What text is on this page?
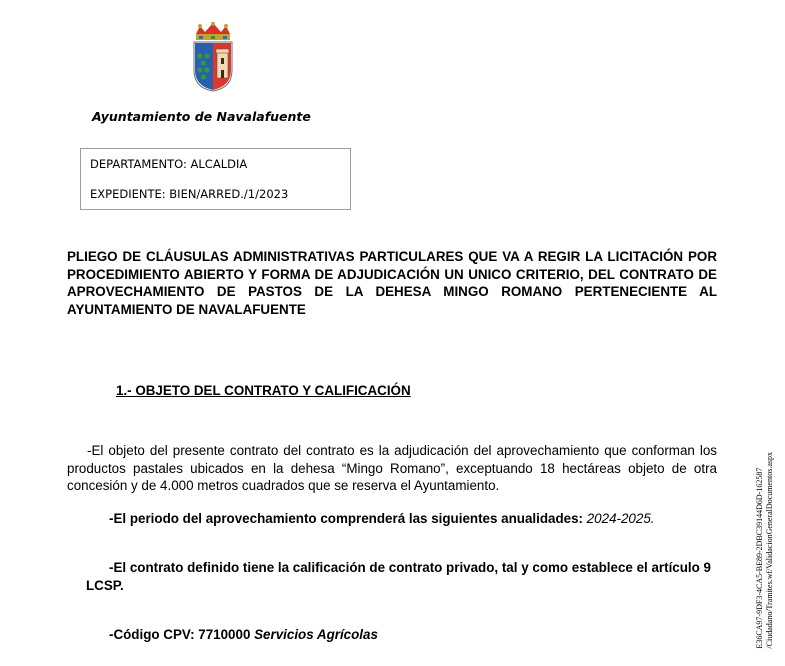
Ayuntamiento de Navalafuente
DEPARTAMENTO: ALCALDIA
EXPEDIENTE: BIEN/ARRED./1/2023

PLIEGO DE CLÁUSULAS ADMINISTRATIVAS PARTICULARES QUE VA A REGIR LA LICITACIÓN POR PROCEDIMIENTO ABIERTO Y FORMA DE ADJUDICACIÓN UN UNICO CRITERIO, DEL CONTRATO DE APROVECHAMIENTO DE PASTOS DE LA DEHESA MINGO ROMANO PERTENECIENTE AL AYUNTAMIENTO DE NAVALAFUENTE

1.- OBJETO DEL CONTRATO Y CALIFICACIÓN

-El objeto del presente contrato del contrato es la adjudicación del aprovechamiento que conforman los productos pastales ubicados en la dehesa “Mingo Romano”, exceptuando 18 hectáreas objeto de otra concesión y de 4.000 metros cuadrados que se reserva el Ayuntamiento.

-El periodo del aprovechamiento comprenderá las siguientes anualidades: 2024-2025.

-El contrato definido tiene la calificación de contrato privado, tal y como establece el artículo 9 LCSP.

-Código CPV: 7710000 Servicios Agrícolas	E36CA97-9DF3-4CA5-BE89-2DBC39144D6D-162587 /Ciudadano/Tramites.wf/ValidacionGeneralDocumentos.aspx
